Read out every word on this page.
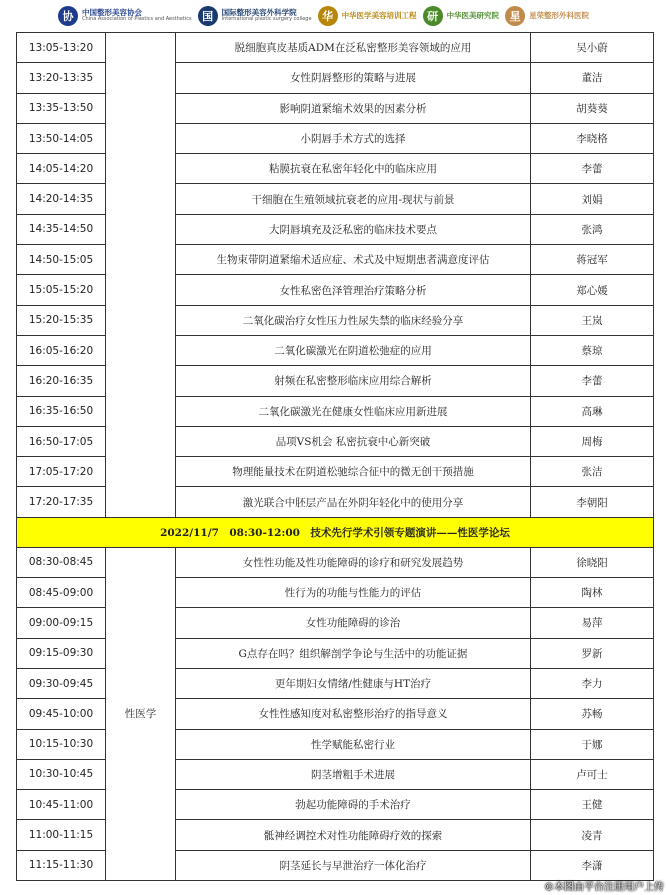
协	中国整形美容协会
China Association of Plastics and Aesthetics 国	国际整形美容外科学院
International plastic surgery college 华	中华医学美容培训工程 研	中华医美研究院 星	星荣整形外科医院
13:05-13:20		脱细胞真皮基质ADM在泛私密整形美容领域的应用	吴小蔚
13:20-13:35		女性阴唇整形的策略与进展	董洁
13:35-13:50		影响阴道紧缩术效果的因素分析	胡葵葵
13:50-14:05		小阴唇手术方式的选择	李晓格
14:05-14:20		粘膜抗衰在私密年轻化中的临床应用	李蕾
14:20-14:35		干细胞在生殖领域抗衰老的应用-现状与前景	刘娟
14:35-14:50		大阴唇填充及泛私密的临床技术要点	张鸿
14:50-15:05		生物束带阴道紧缩术适应症、术式及中短期患者满意度评估	蒋冠军
15:05-15:20		女性私密色泽管理治疗策略分析	郑心媛
15:20-15:35		二氧化碳治疗女性压力性尿失禁的临床经验分享	王岚
16:05-16:20		二氧化碳激光在阴道松弛症的应用	蔡琼
16:20-16:35		射频在私密整形临床应用综合解析	李蕾
16:35-16:50		二氧化碳激光在健康女性临床应用新进展	高琳
16:50-17:05		品项VS机会 私密抗衰中心新突破	周梅
17:05-17:20		物理能量技术在阴道松驰综合征中的微无创干预措施	张洁
17:20-17:35		激光联合中胚层产品在外阴年轻化中的使用分享	李朝阳
2022/11/7　08:30-12:00　技术先行学术引领专题演讲——性医学论坛			
08:30-08:45	性医学	女性性功能及性功能障碍的诊疗和研究发展趋势	徐晓阳
08:45-09:00		性行为的功能与性能力的评估	陶林
09:00-09:15		女性功能障碍的诊治	易萍
09:15-09:30		G点存在吗？组织解剖学争论与生活中的功能证据	罗新
09:30-09:45		更年期妇女情绪/性健康与HT治疗	李力
09:45-10:00		女性性感知度对私密整形治疗的指导意义	苏畅
10:15-10:30		性学赋能私密行业	于娜
10:30-10:45		阴茎增粗手术进展	卢可士
10:45-11:00		勃起功能障碍的手术治疗	王健
11:00-11:15		骶神经调控术对性功能障碍疗效的探索	凌青
11:15-11:30		阴茎延长与早泄治疗一体化治疗	李潇
©本图由平台注册用户上传
